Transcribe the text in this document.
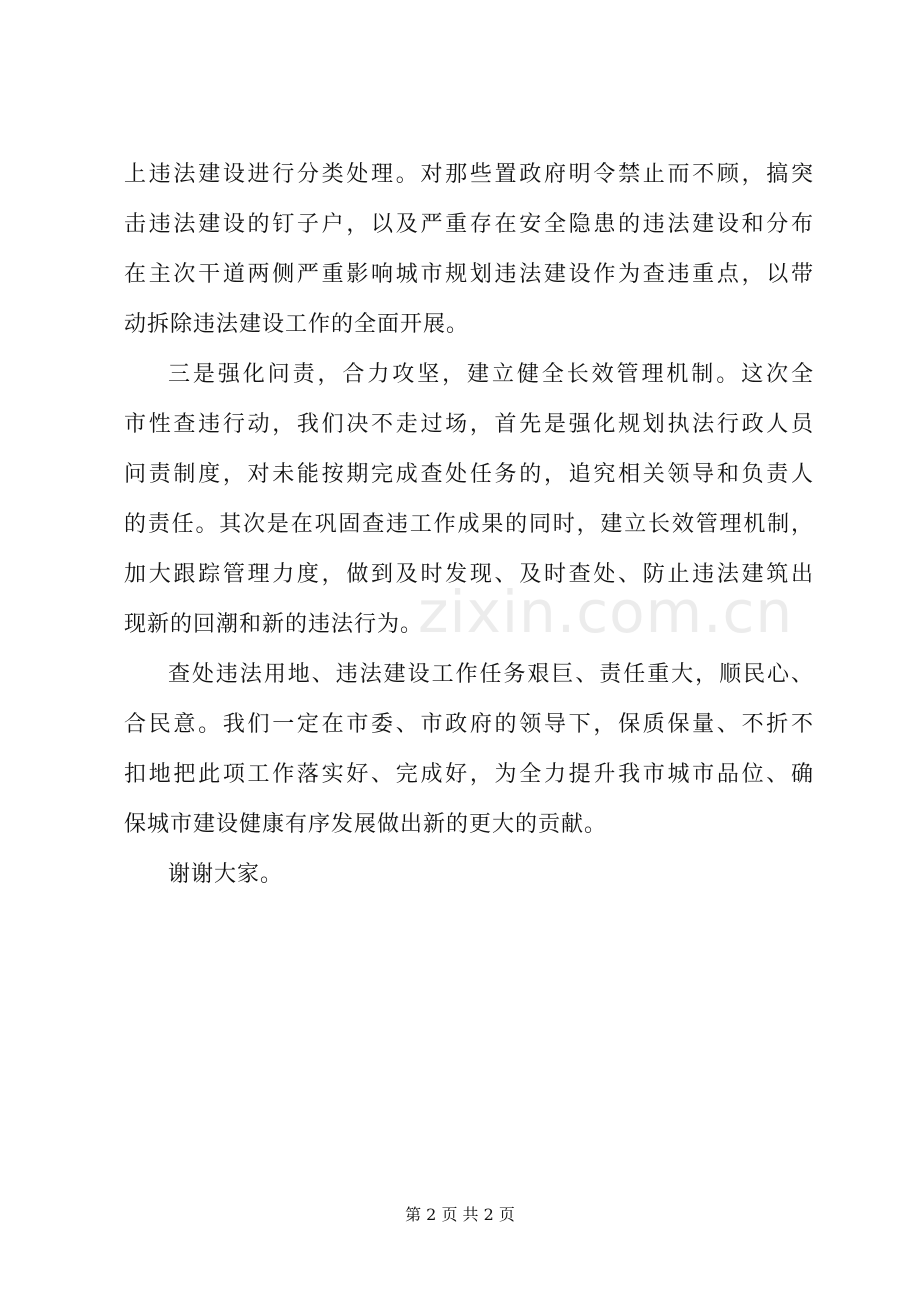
上违法建设进行分类处理。对那些置政府明令禁止而不顾，搞突
击违法建设的钉子户，以及严重存在安全隐患的违法建设和分布
在主次干道两侧严重影响城市规划违法建设作为查违重点，以带
动拆除违法建设工作的全面开展。
三是强化问责，合力攻坚，建立健全长效管理机制。这次全
市性查违行动，我们决不走过场，首先是强化规划执法行政人员
问责制度，对未能按期完成查处任务的，追究相关领导和负责人
的责任。其次是在巩固查违工作成果的同时，建立长效管理机制，
加大跟踪管理力度，做到及时发现、及时查处、防止违法建筑出
现新的回潮和新的违法行为。
查处违法用地、违法建设工作任务艰巨、责任重大，顺民心、
合民意。我们一定在市委、市政府的领导下，保质保量、不折不
扣地把此项工作落实好、完成好，为全力提升我市城市品位、确
保城市建设健康有序发展做出新的更大的贡献。
谢谢大家。
zixin.com.cn
第 2 页 共 2 页
